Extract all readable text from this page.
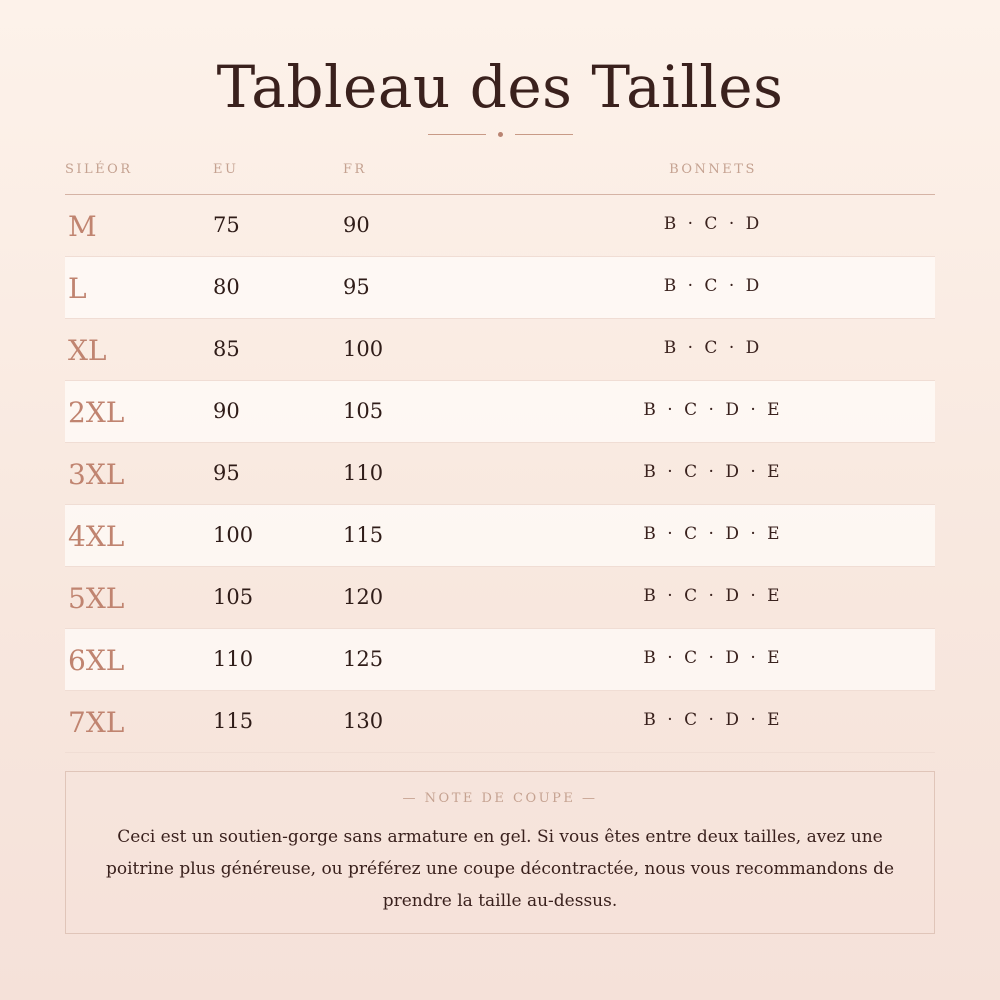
Tableau des Tailles
SILÉOR	EU	FR	BONNETS
M	75	90	B · C · D
L	80	95	B · C · D
XL	85	100	B · C · D
2XL	90	105	B · C · D · E
3XL	95	110	B · C · D · E
4XL	100	115	B · C · D · E
5XL	105	120	B · C · D · E
6XL	110	125	B · C · D · E
7XL	115	130	B · C · D · E
— NOTE DE COUPE —

Ceci est un soutien-gorge sans armature en gel. Si vous êtes entre deux tailles, avez une poitrine plus généreuse, ou préférez une coupe décontractée, nous vous recommandons de prendre la taille au-dessus.
